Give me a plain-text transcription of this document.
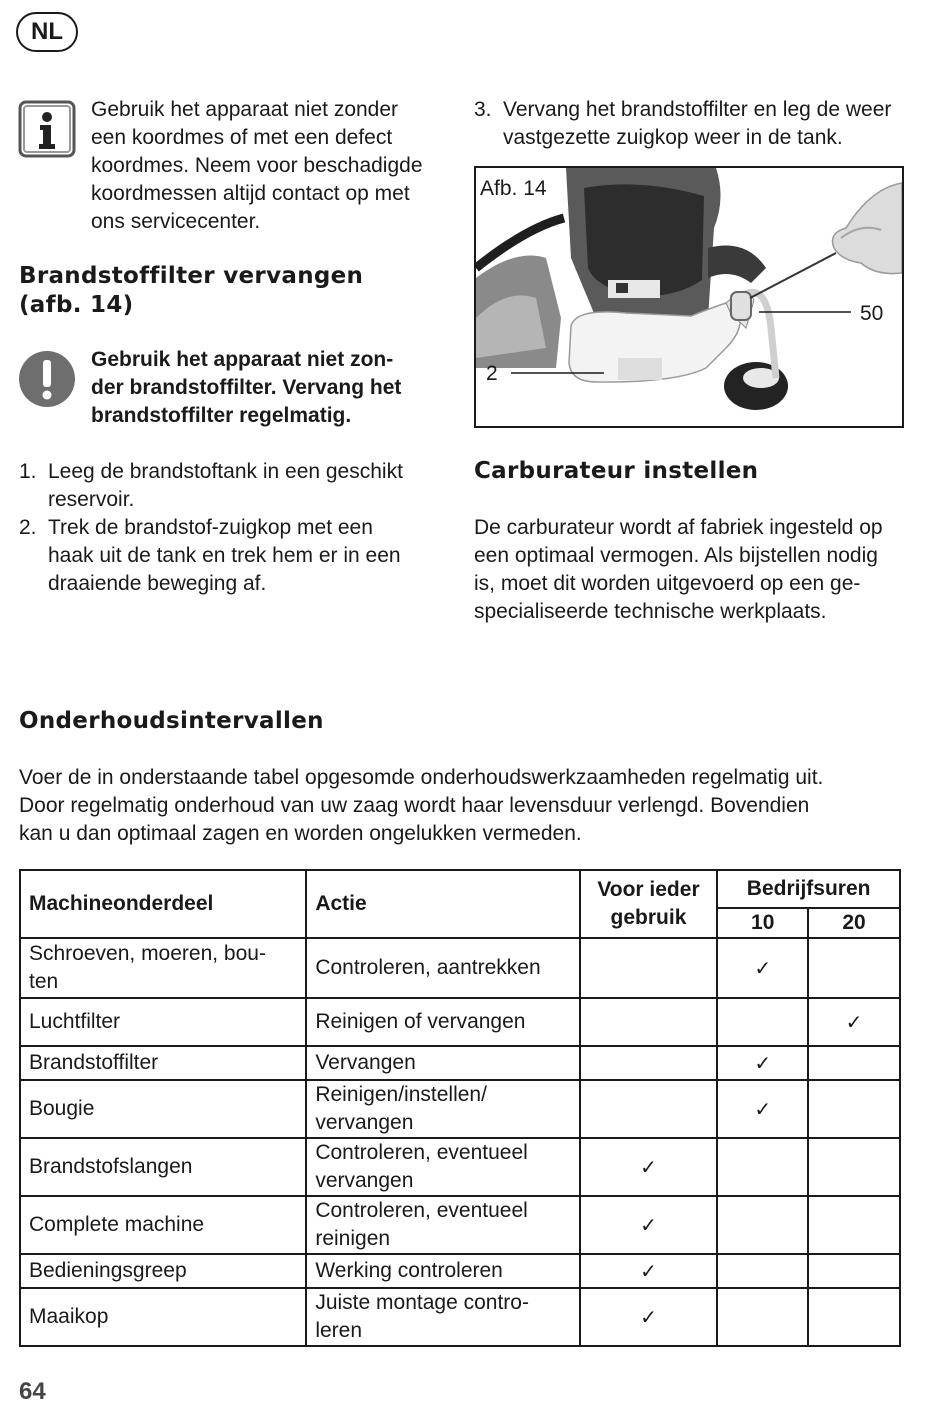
NL
Gebruik het apparaat niet zonder
een koordmes of met een defect
koordmes. Neem voor beschadigde
koordmessen altijd contact op met
ons servicecenter.
Brandstoffilter vervangen
(afb. 14)
Gebruik het apparaat niet zon-
der brandstoffilter. Vervang het
brandstoffilter regelmatig.
1. Leeg de brandstoftank in een geschikt
reservoir.
2. Trek de brandstof-zuigkop met een
haak uit de tank en trek hem er in een
draaiende beweging af.
3. Vervang het brandstoffilter en leg de weer
vastgezette zuigkop weer in de tank.
Afb. 14
50
2
Carburateur instellen
De carburateur wordt af fabriek ingesteld op
een optimaal vermogen. Als bijstellen nodig
is, moet dit worden uitgevoerd op een ge-
specialiseerde technische werkplaats.
Onderhoudsintervallen
Voer de in onderstaande tabel opgesomde onderhoudswerkzaamheden regelmatig uit.
Door regelmatig onderhoud van uw zaag wordt haar levensduur verlengd. Bovendien
kan u dan optimaal zagen en worden ongelukken vermeden.
Machineonderdeel	Actie	Voor ieder
gebruik	Bedrijfsuren	
			10	20

Schroeven, moeren, bou-
ten	Controleren, aantrekken		✓	

Luchtfilter	Reinigen of vervangen			✓

Brandstoffilter	Vervangen		✓	

Bougie	Reinigen/instellen/
vervangen		✓	

Brandstofslangen	Controleren, eventueel
vervangen	✓		

Complete machine	Controleren, eventueel
reinigen	✓		

Bedieningsgreep	Werking controleren	✓		

Maaikop	Juiste montage contro-
leren	✓		
64
